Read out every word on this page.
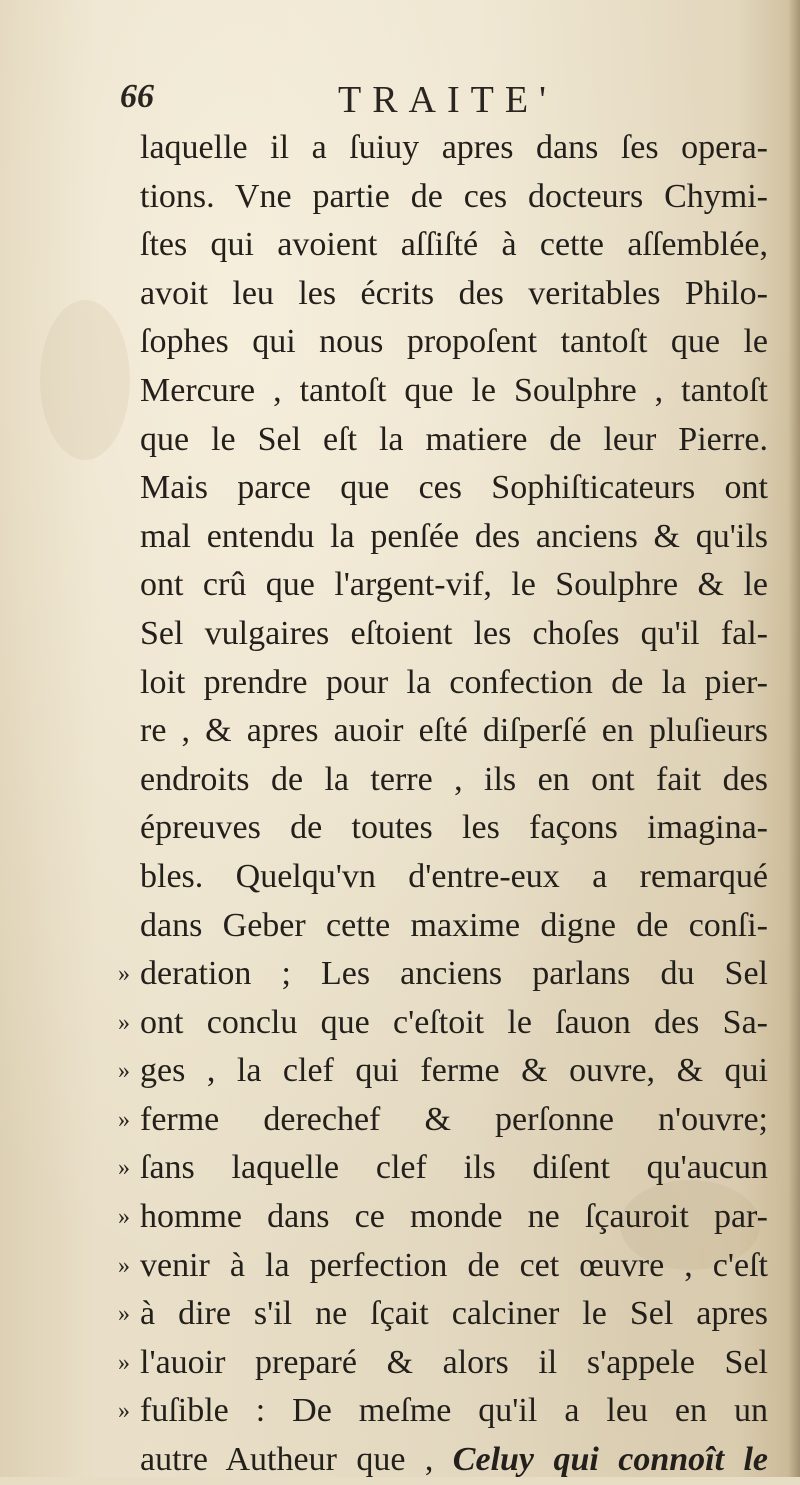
66	TRAITE'
laquelle il a ſuiuy apres dans ſes opera-
tions. Vne partie de ces docteurs Chymi-
ſtes qui avoient aſſiſté à cette aſſemblée,
avoit leu les écrits des veritables Philo-
ſophes qui nous propoſent tantoſt que le
Mercure , tantoſt que le Soulphre , tantoſt
que le Sel eſt la matiere de leur Pierre.
Mais parce que ces Sophiſticateurs ont
mal entendu la penſée des anciens & qu'ils
ont crû que l'argent-vif, le Soulphre & le
Sel vulgaires eſtoient les choſes qu'il fal-
loit prendre pour la confection de la pier-
re , & apres auoir eſté diſperſé en pluſieurs
endroits de la terre , ils en ont fait des
épreuves de toutes les façons imagina-
bles. Quelqu'vn d'entre-eux a remarqué
dans Geber cette maxime digne de conſi-
» deration ; Les anciens parlans du Sel
» ont conclu que c'eſtoit le ſauon des Sa-
» ges , la clef qui ferme & ouvre, & qui
» ferme derechef & perſonne n'ouvre;
» ſans laquelle clef ils diſent qu'aucun
» homme dans ce monde ne ſçauroit par-
» venir à la perfection de cet œuvre , c'eſt
» à dire s'il ne ſçait calciner le Sel apres
» l'auoir preparé & alors il s'appele Sel
» fuſible : De meſme qu'il a leu en un
autre Autheur que , Celuy qui connoît le
